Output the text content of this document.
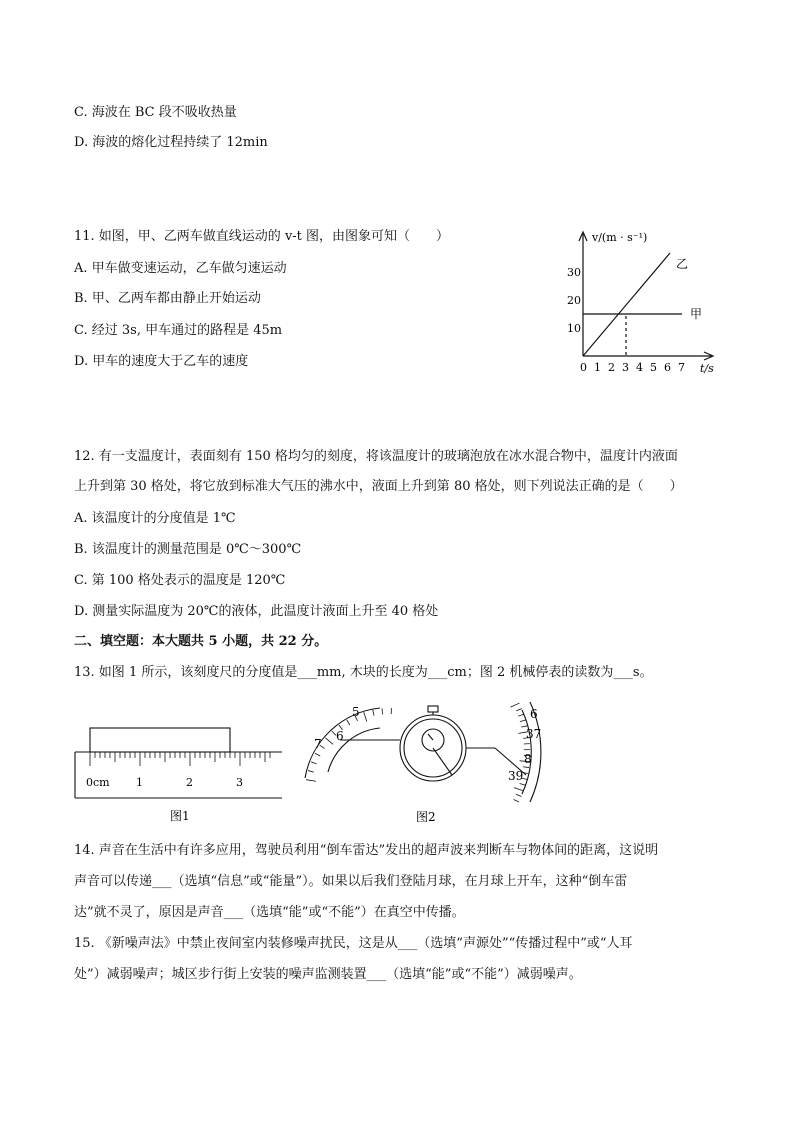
C. 海波在 BC 段不吸收热量
D. 海波的熔化过程持续了 12min
11. 如图，甲、乙两车做直线运动的 v-t 图，由图象可知（　　）
A. 甲车做变速运动，乙车做匀速运动
B. 甲、乙两车都由静止开始运动
C. 经过 3s, 甲车通过的路程是 45m
D. 甲车的速度大于乙车的速度
v/(m · s⁻¹)
t/s
30
20
10
0 1 2 3 4 5 6 7
乙
甲
12. 有一支温度计，表面刻有 150 格均匀的刻度，将该温度计的玻璃泡放在冰水混合物中，温度计内液面
上升到第 30 格处，将它放到标准大气压的沸水中，液面上升到第 80 格处，则下列说法正确的是（　　）
A. 该温度计的分度值是 1℃
B. 该温度计的测量范围是 0℃～300℃
C. 第 100 格处表示的温度是 120℃
D. 测量实际温度为 20℃的液体，此温度计液面上升至 40 格处
二、填空题：本大题共 5 小题，共 22 分。
13. 如图 1 所示，该刻度尺的分度值是___mm, 木块的长度为___cm；图 2 机械停表的读数为___s。
0cm 1	2	3
图1
5
6
7
6
37
8
39
图2
14. 声音在生活中有许多应用，驾驶员利用“倒车雷达”发出的超声波来判断车与物体间的距离，这说明
声音可以传递___（选填“信息”或“能量”）。如果以后我们登陆月球，在月球上开车，这种“倒车雷
达”就不灵了，原因是声音___（选填“能”或“不能”）在真空中传播。
15. 《新噪声法》中禁止夜间室内装修噪声扰民，这是从___（选填“声源处”“传播过程中”或“人耳
处”）减弱噪声；城区步行街上安装的噪声监测装置___（选填“能”或“不能”）减弱噪声。
